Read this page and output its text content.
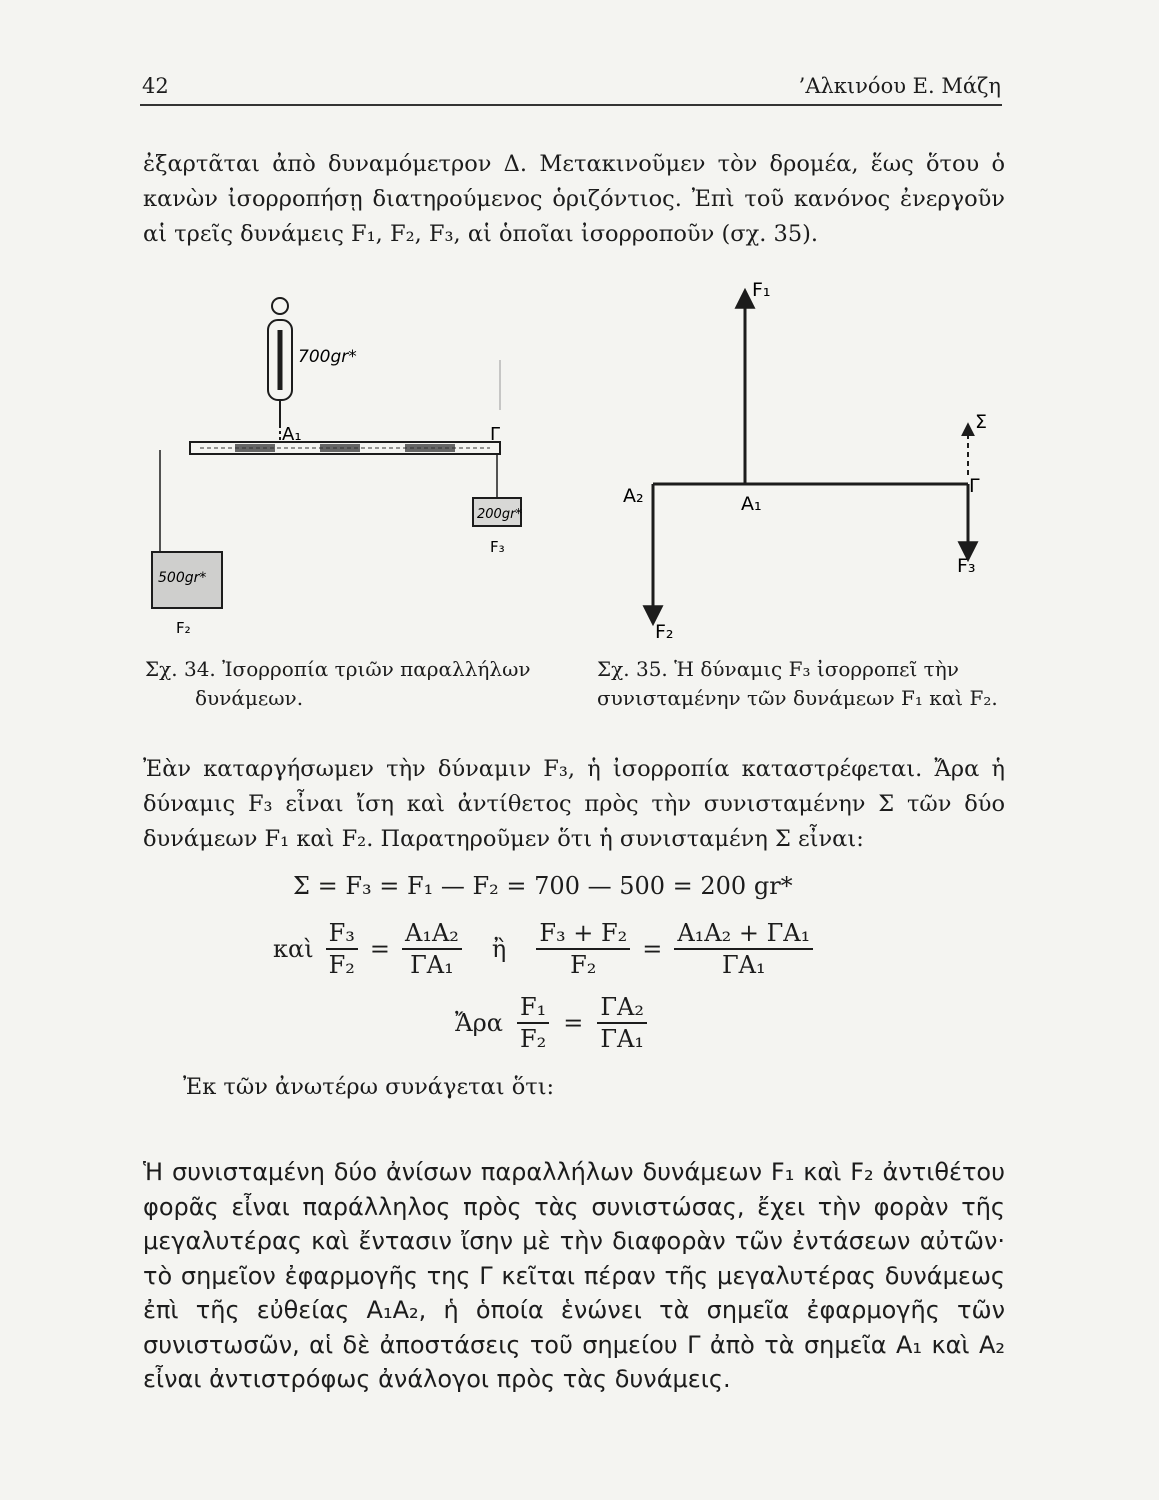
42	’Αλκινόου Ε. Μάζη
ἐξαρτᾶται ἀπὸ δυναμόμετρον Δ. Μετακινοῦμεν τὸν δρομέα, ἕως ὅτου ὁ κανὼν ἰσορροπήσῃ διατηρούμενος ὁριζόντιος. Ἐπὶ τοῦ κανόνος ἐνεργοῦν αἱ τρεῖς δυνάμεις F₁, F₂, F₃, αἱ ὁποῖαι ἰσορροποῦν (σχ. 35).
700gr*
A₁	Γ
200gr*
F₃
500gr*
F₂
Σχ. 34. Ἰσορροπία τριῶν παραλλήλων
δυνάμεων.
F₁
Σ
Γ
A₂	A₁
F₃
F₂
Σχ. 35. Ἡ δύναμις F₃ ἰσορροπεῖ τὴν
συνισταμένην τῶν δυνάμεων F₁ καὶ F₂.
Ἐὰν καταργήσωμεν τὴν δύναμιν F₃, ἡ ἰσορροπία καταστρέφεται. Ἄρα ἡ δύναμις F₃ εἶναι ἴση καὶ ἀντίθετος πρὸς τὴν συνισταμένην Σ τῶν δύο δυνάμεων F₁ καὶ F₂. Παρατηροῦμεν ὅτι ἡ συνισταμένη Σ εἶναι:
Σ = F₃ = F₁ — F₂ = 700 — 500 = 200 gr*
καὶ $\frac{\text{F₃}}{\text{F₂}} = \frac{\text{A₁A₂}}{\text{ΓA₁}}$ ἢ $\frac{\text{F₃ + F₂}}{\text{F₂}} = \frac{\text{A₁A₂ + ΓA₁}}{\text{ΓA₁}}$
Ἄρα $\frac{\text{F₁}}{\text{F₂}} = \frac{\text{ΓA₂}}{\text{ΓA₁}}$
Ἐκ τῶν ἀνωτέρω συνάγεται ὅτι:
Ἡ συνισταμένη δύο ἀνίσων παραλλήλων δυνάμεων F₁ καὶ F₂ ἀντιθέτου φορᾶς εἶναι παράλληλος πρὸς τὰς συνιστώσας, ἔχει τὴν φορὰν τῆς μεγαλυτέρας καὶ ἔντασιν ἴσην μὲ τὴν διαφορὰν τῶν ἐντάσεων αὐτῶν· τὸ σημεῖον ἐφαρμογῆς της Γ κεῖται πέραν τῆς μεγαλυτέρας δυνάμεως ἐπὶ τῆς εὐθείας A₁A₂, ἡ ὁποία ἑνώνει τὰ σημεῖα ἐφαρμογῆς τῶν συνιστωσῶν, αἱ δὲ ἀποστάσεις τοῦ σημείου Γ ἀπὸ τὰ σημεῖα A₁ καὶ A₂ εἶναι ἀντιστρόφως ἀνάλογοι πρὸς τὰς δυνάμεις.
